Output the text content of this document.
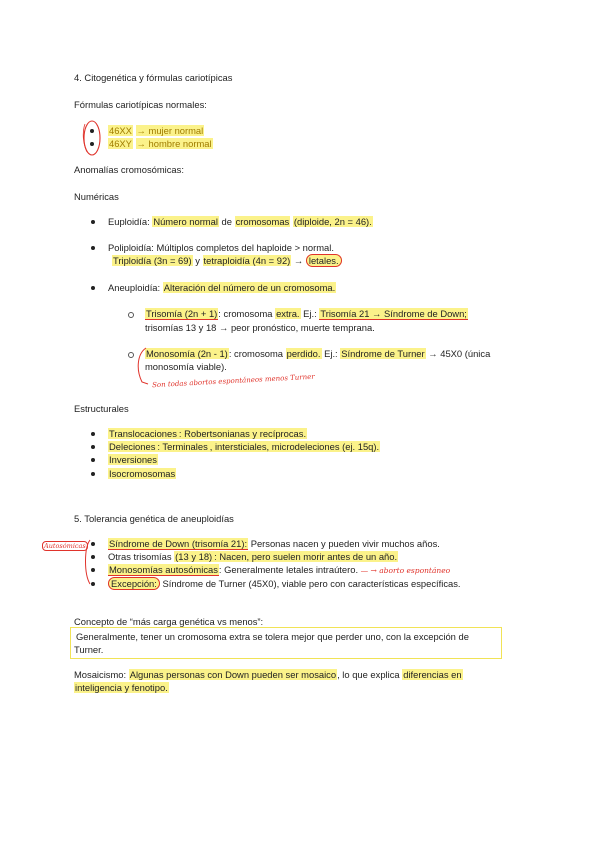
4. Citogenética y fórmulas cariotípicas
Fórmulas cariotípicas normales:
46XX → mujer normal
46XY → hombre normal
Anomalías cromosómicas:
Numéricas
Euploidía: Número normal de cromosomas (diploide, 2n = 46).
Poliploidía: Múltiplos completos del haploide > normal.
Triploidía (3n = 69) y tetraploidía (4n = 92) → letales.
Aneuploidía: Alteración del número de un cromosoma.
Trisomía (2n + 1): cromosoma extra. Ej.: Trisomía 21 → Síndrome de Down;
trisomías 13 y 18 → peor pronóstico, muerte temprana.
Monosomía (2n - 1): cromosoma perdido. Ej.: Síndrome de Turner → 45X0 (única
monosomía viable).
Son todas abortos espontáneos menos Turner
Estructurales
Translocaciones : Robertsonianas y recíprocas.
Deleciones : Terminales , intersticiales, microdeleciones (ej. 15q).
Inversiones
Isocromosomas
5. Tolerancia genética de aneuploidías
Autosómicas Síndrome de Down (trisomía 21): Personas nacen y pueden vivir muchos años.
Otras trisomías (13 y 18) : Nacen, pero suelen morir antes de un año.
Monosomías autosómicas: Generalmente letales intraútero. — → aborto espontáneo
Excepción: Síndrome de Turner (45X0), viable pero con características específicas.
Concepto de “más carga genética vs menos”:
Generalmente, tener un cromosoma extra se tolera mejor que perder uno, con la excepción de
Turner.
Mosaicismo: Algunas personas con Down pueden ser mosaico, lo que explica diferencias en
inteligencia y fenotipo.
